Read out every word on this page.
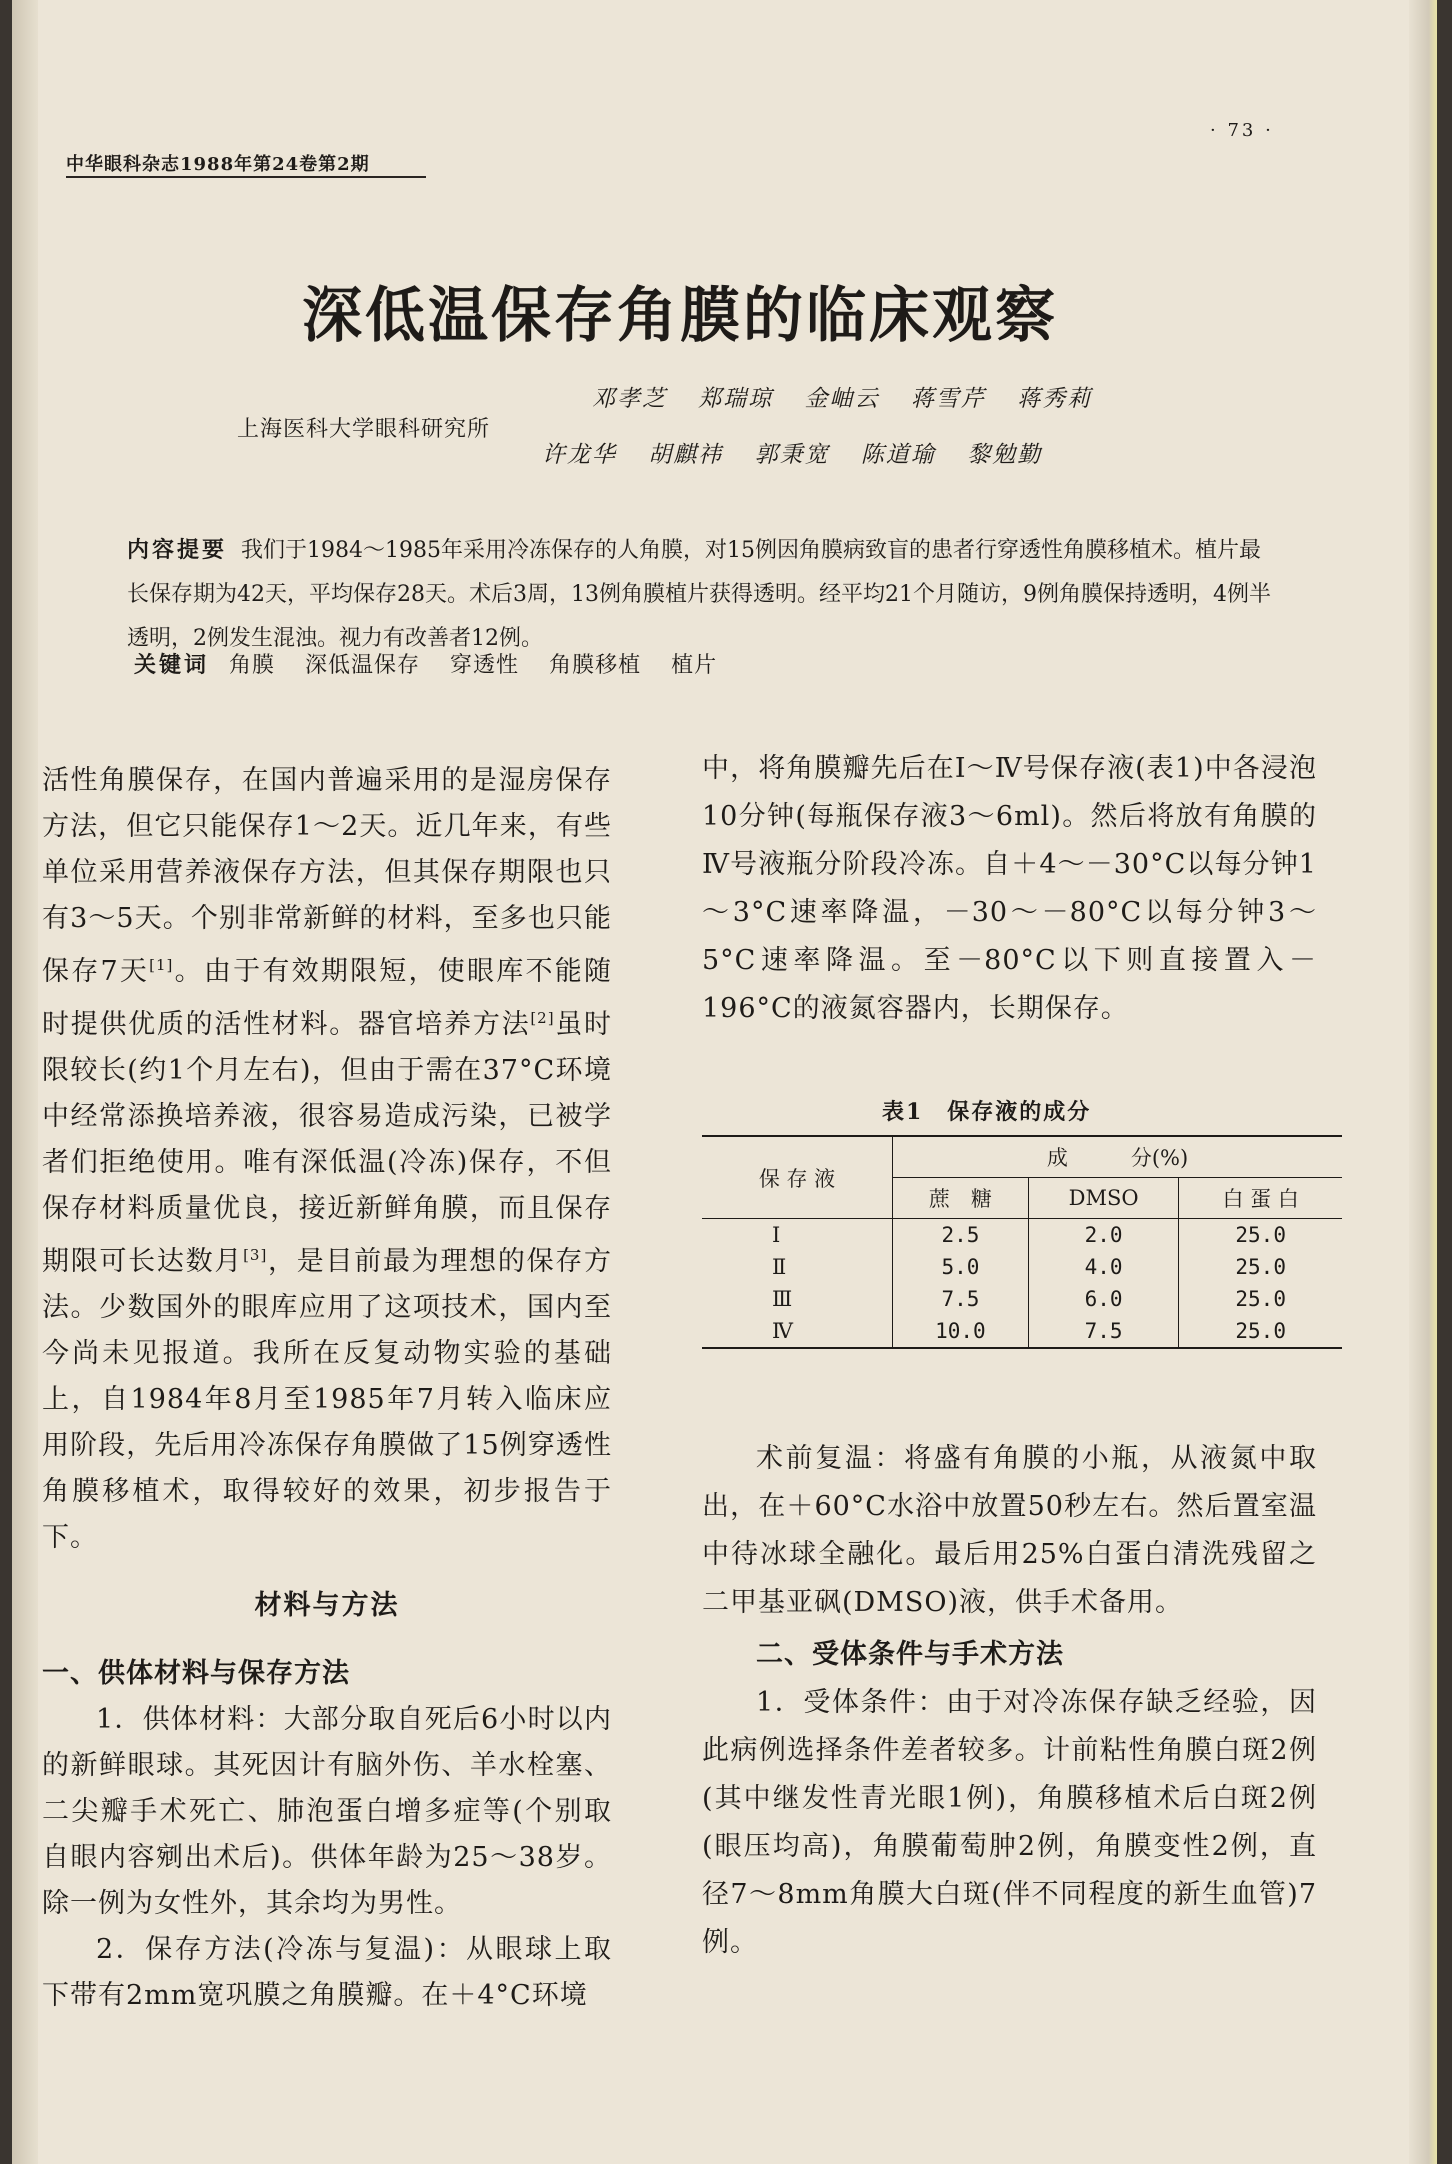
中华眼科杂志1988年第24卷第2期
· 73 ·
深低温保存角膜的临床观察
邓孝芝 郑瑞琼 金岫云 蒋雪芹 蒋秀莉
上海医科大学眼科研究所
许龙华 胡麒祎 郭秉宽 陈道瑜 黎勉勤
内容提要 我们于1984～1985年采用冷冻保存的人角膜，对15例因角膜病致盲的患者行穿透性角膜移植术。植片最长保存期为42天，平均保存28天。术后3周，13例角膜植片获得透明。经平均21个月随访，9例角膜保持透明，4例半透明，2例发生混浊。视力有改善者12例。
关键词 角膜 深低温保存 穿透性 角膜移植 植片

活性角膜保存，在国内普遍采用的是湿房保存方法，但它只能保存1～2天。近几年来，有些单位采用营养液保存方法，但其保存期限也只有3～5天。个别非常新鲜的材料，至多也只能保存7天[1]。由于有效期限短，使眼库不能随时提供优质的活性材料。器官培养方法[2]虽时限较长(约1个月左右)，但由于需在37°C环境中经常添换培养液，很容易造成污染，已被学者们拒绝使用。唯有深低温(冷冻)保存，不但保存材料质量优良，接近新鲜角膜，而且保存期限可长达数月[3]，是目前最为理想的保存方法。少数国外的眼库应用了这项技术，国内至今尚未见报道。我所在反复动物实验的基础上，自1984年8月至1985年7月转入临床应用阶段，先后用冷冻保存角膜做了15例穿透性角膜移植术，取得较好的效果，初步报告于下。

材料与方法

一、供体材料与保存方法

1．供体材料：大部分取自死后6小时以内的新鲜眼球。其死因计有脑外伤、羊水栓塞、二尖瓣手术死亡、肺泡蛋白增多症等(个别取自眼内容剜出术后)。供体年龄为25～38岁。除一例为女性外，其余均为男性。

2．保存方法(冷冻与复温)：从眼球上取下带有2mm宽巩膜之角膜瓣。在＋4°C环境

中，将角膜瓣先后在Ⅰ～Ⅳ号保存液(表1)中各浸泡10分钟(每瓶保存液3～6ml)。然后将放有角膜的Ⅳ号液瓶分阶段冷冻。自＋4～－30°C以每分钟1～3°C速率降温，－30～－80°C以每分钟3～5°C速率降温。至－80°C以下则直接置入－196°C的液氮容器内，长期保存。

表1　保存液的成分
保 存 液	成　　　分(%)		
	蔗　糖	DMSO	白 蛋 白
Ⅰ	2.5	2.0	25.0
Ⅱ	5.0	4.0	25.0
Ⅲ	7.5	6.0	25.0
Ⅳ	10.0	7.5	25.0

术前复温：将盛有角膜的小瓶，从液氮中取出，在＋60°C水浴中放置50秒左右。然后置室温中待冰球全融化。最后用25%白蛋白清洗残留之二甲基亚砜(DMSO)液，供手术备用。

二、受体条件与手术方法

1．受体条件：由于对冷冻保存缺乏经验，因此病例选择条件差者较多。计前粘性角膜白斑2例(其中继发性青光眼1例)，角膜移植术后白斑2例(眼压均高)，角膜葡萄肿2例，角膜变性2例，直径7～8mm角膜大白斑(伴不同程度的新生血管)7例。
